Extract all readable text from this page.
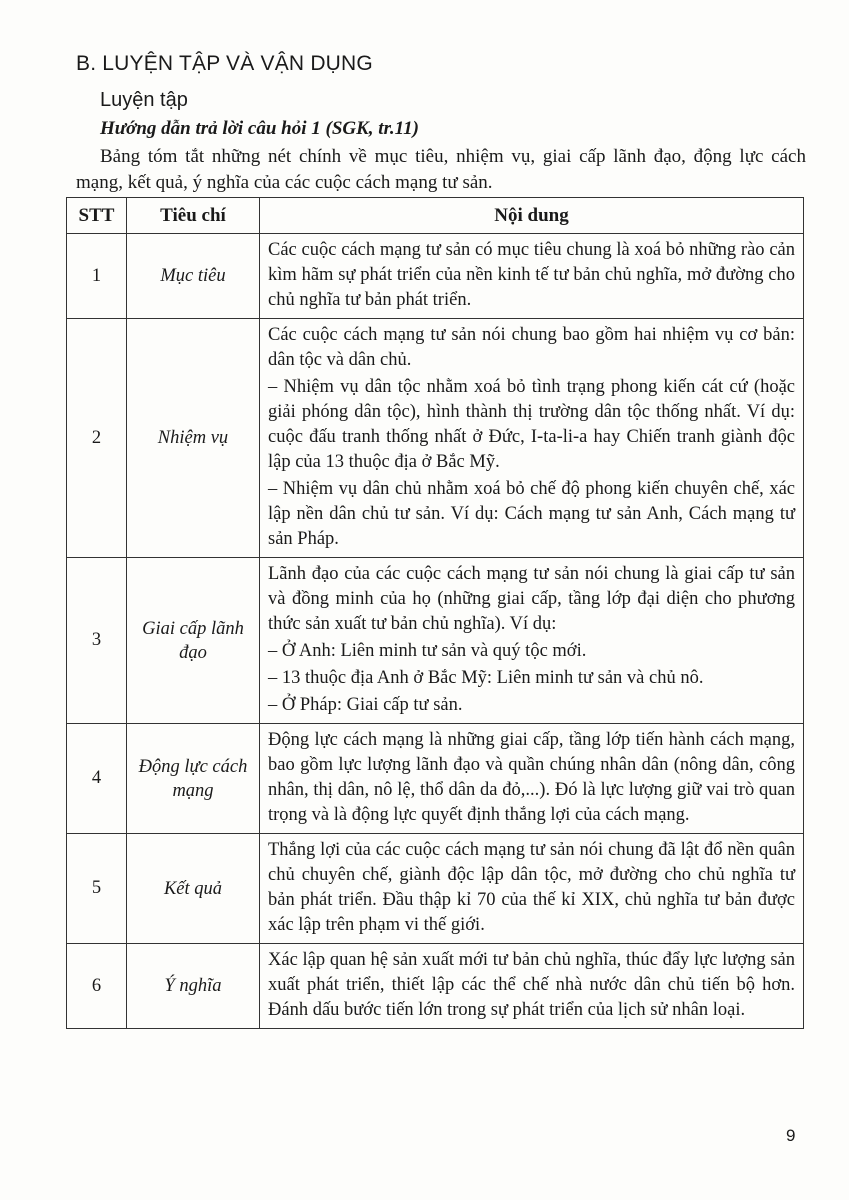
B. LUYỆN TẬP VÀ VẬN DỤNG
Luyện tập
Hướng dẫn trả lời câu hỏi 1 (SGK, tr.11)
Bảng tóm tắt những nét chính về mục tiêu, nhiệm vụ, giai cấp lãnh đạo, động lực cách mạng, kết quả, ý nghĩa của các cuộc cách mạng tư sản.
STT	Tiêu chí	Nội dung
1	Mục tiêu	Các cuộc cách mạng tư sản có mục tiêu chung là xoá bỏ những rào cản kìm hãm sự phát triển của nền kinh tế tư bản chủ nghĩa, mở đường cho chủ nghĩa tư bản phát triển.

2	Nhiệm vụ	Các cuộc cách mạng tư sản nói chung bao gồm hai nhiệm vụ cơ bản: dân tộc và dân chủ.

– Nhiệm vụ dân tộc nhằm xoá bỏ tình trạng phong kiến cát cứ (hoặc giải phóng dân tộc), hình thành thị trường dân tộc thống nhất. Ví dụ: cuộc đấu tranh thống nhất ở Đức, I-ta-li-a hay Chiến tranh giành độc lập của 13 thuộc địa ở Bắc Mỹ.

– Nhiệm vụ dân chủ nhằm xoá bỏ chế độ phong kiến chuyên chế, xác lập nền dân chủ tư sản. Ví dụ: Cách mạng tư sản Anh, Cách mạng tư sản Pháp.

3	Giai cấp lãnh đạo	Lãnh đạo của các cuộc cách mạng tư sản nói chung là giai cấp tư sản và đồng minh của họ (những giai cấp, tầng lớp đại diện cho phương thức sản xuất tư bản chủ nghĩa). Ví dụ:

– Ở Anh: Liên minh tư sản và quý tộc mới.

– 13 thuộc địa Anh ở Bắc Mỹ: Liên minh tư sản và chủ nô.

– Ở Pháp: Giai cấp tư sản.

4	Động lực cách mạng	Động lực cách mạng là những giai cấp, tầng lớp tiến hành cách mạng, bao gồm lực lượng lãnh đạo và quần chúng nhân dân (nông dân, công nhân, thị dân, nô lệ, thổ dân da đỏ,...). Đó là lực lượng giữ vai trò quan trọng và là động lực quyết định thắng lợi của cách mạng.

5	Kết quả	Thắng lợi của các cuộc cách mạng tư sản nói chung đã lật đổ nền quân chủ chuyên chế, giành độc lập dân tộc, mở đường cho chủ nghĩa tư bản phát triển. Đầu thập kỉ 70 của thế kỉ XIX, chủ nghĩa tư bản được xác lập trên phạm vi thế giới.

6	Ý nghĩa	Xác lập quan hệ sản xuất mới tư bản chủ nghĩa, thúc đẩy lực lượng sản xuất phát triển, thiết lập các thể chế nhà nước dân chủ tiến bộ hơn. Đánh dấu bước tiến lớn trong sự phát triển của lịch sử nhân loại.

9
